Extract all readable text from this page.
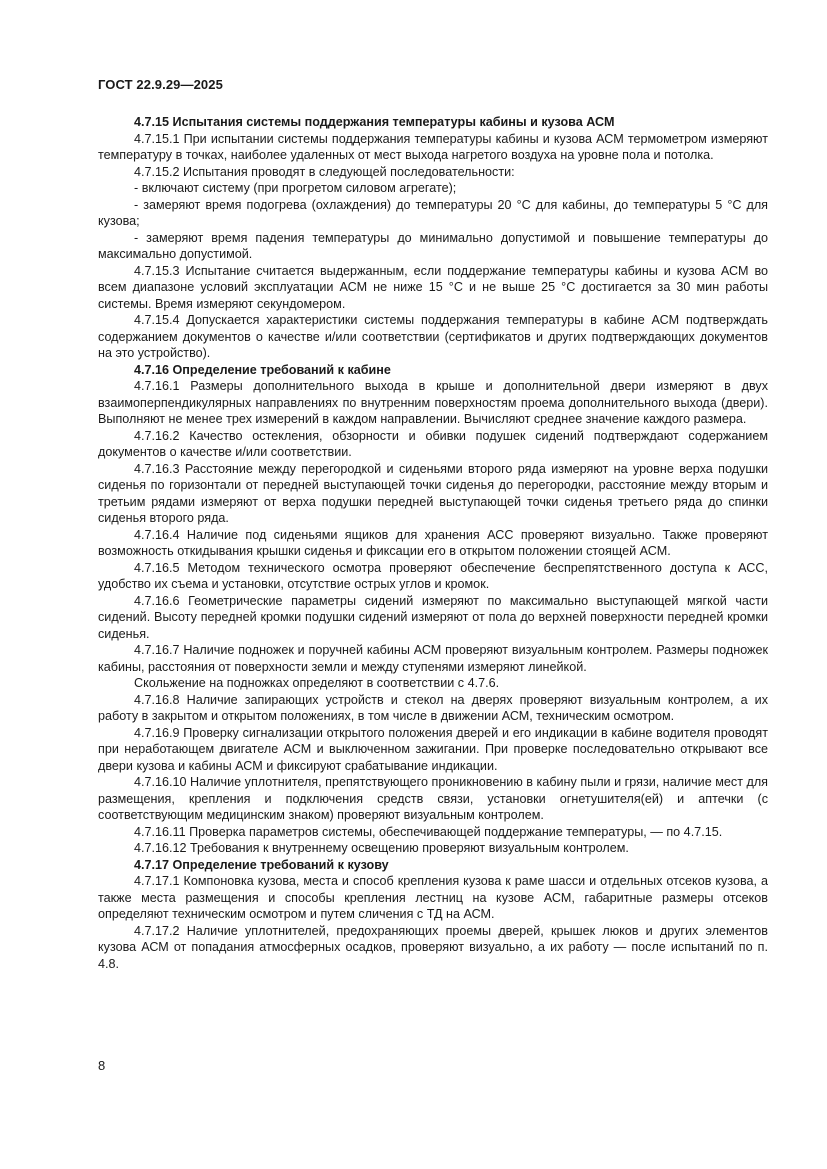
ГОСТ 22.9.29—2025

4.7.15 Испытания системы поддержания температуры кабины и кузова АСМ

4.7.15.1 При испытании системы поддержания температуры кабины и кузова АСМ термометром измеряют температуру в точках, наиболее удаленных от мест выхода нагретого воздуха на уровне пола и потолка.

4.7.15.2 Испытания проводят в следующей последовательности:

- включают систему (при прогретом силовом агрегате);

- замеряют время подогрева (охлаждения) до температуры 20 °С для кабины, до температуры 5 °С для кузова;

- замеряют время падения температуры до минимально допустимой и повышение температуры до максимально допустимой.

4.7.15.3 Испытание считается выдержанным, если поддержание температуры кабины и кузова АСМ во всем диапазоне условий эксплуатации АСМ не ниже 15 °С и не выше 25 °С достигается за 30 мин работы системы. Время измеряют секундомером.

4.7.15.4 Допускается характеристики системы поддержания температуры в кабине АСМ подтверждать содержанием документов о качестве и/или соответствии (сертификатов и других подтверждающих документов на это устройство).

4.7.16 Определение требований к кабине

4.7.16.1 Размеры дополнительного выхода в крыше и дополнительной двери измеряют в двух взаимоперпендикулярных направлениях по внутренним поверхностям проема дополнительного выхода (двери). Выполняют не менее трех измерений в каждом направлении. Вычисляют среднее значение каждого размера.

4.7.16.2 Качество остекления, обзорности и обивки подушек сидений подтверждают содержанием документов о качестве и/или соответствии.

4.7.16.3 Расстояние между перегородкой и сиденьями второго ряда измеряют на уровне верха подушки сиденья по горизонтали от передней выступающей точки сиденья до перегородки, расстояние между вторым и третьим рядами измеряют от верха подушки передней выступающей точки сиденья третьего ряда до спинки сиденья второго ряда.

4.7.16.4 Наличие под сиденьями ящиков для хранения АСС проверяют визуально. Также проверяют возможность откидывания крышки сиденья и фиксации его в открытом положении стоящей АСМ.

4.7.16.5 Методом технического осмотра проверяют обеспечение беспрепятственного доступа к АСС, удобство их съема и установки, отсутствие острых углов и кромок.

4.7.16.6 Геометрические параметры сидений измеряют по максимально выступающей мягкой части сидений. Высоту передней кромки подушки сидений измеряют от пола до верхней поверхности передней кромки сиденья.

4.7.16.7 Наличие подножек и поручней кабины АСМ проверяют визуальным контролем. Размеры подножек кабины, расстояния от поверхности земли и между ступенями измеряют линейкой.

Скольжение на подножках определяют в соответствии с 4.7.6.

4.7.16.8 Наличие запирающих устройств и стекол на дверях проверяют визуальным контролем, а их работу в закрытом и открытом положениях, в том числе в движении АСМ, техническим осмотром.

4.7.16.9 Проверку сигнализации открытого положения дверей и его индикации в кабине водителя проводят при неработающем двигателе АСМ и выключенном зажигании. При проверке последовательно открывают все двери кузова и кабины АСМ и фиксируют срабатывание индикации.

4.7.16.10 Наличие уплотнителя, препятствующего проникновению в кабину пыли и грязи, наличие мест для размещения, крепления и подключения средств связи, установки огнетушителя(ей) и аптечки (с соответствующим медицинским знаком) проверяют визуальным контролем.

4.7.16.11 Проверка параметров системы, обеспечивающей поддержание температуры, — по 4.7.15.

4.7.16.12 Требования к внутреннему освещению проверяют визуальным контролем.

4.7.17 Определение требований к кузову

4.7.17.1 Компоновка кузова, места и способ крепления кузова к раме шасси и отдельных отсеков кузова, а также места размещения и способы крепления лестниц на кузове АСМ, габаритные размеры отсеков определяют техническим осмотром и путем сличения с ТД на АСМ.

4.7.17.2 Наличие уплотнителей, предохраняющих проемы дверей, крышек люков и других элементов кузова АСМ от попадания атмосферных осадков, проверяют визуально, а их работу — после испытаний по п. 4.8.

8
